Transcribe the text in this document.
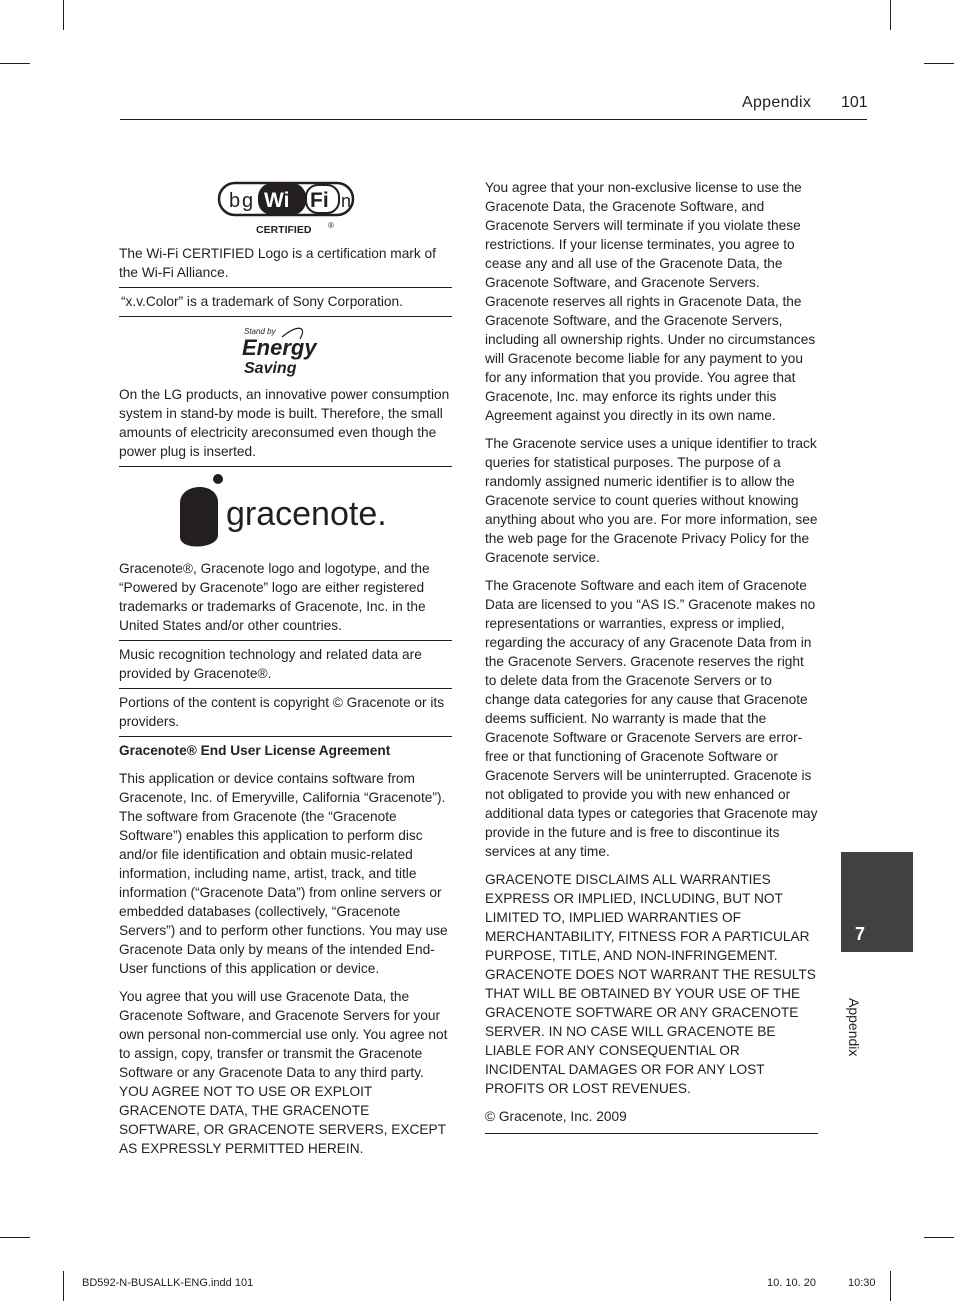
Appendix 101
b g Wi Fi n
CERTIFIED ®

The Wi-Fi CERTIFIED Logo is a certification mark of the Wi-Fi Alliance.

“x.v.Color” is a trademark of Sony Corporation.

Stand by
Energy
Saving

On the LG products, an innovative power consumption system in stand-by mode is built. Therefore, the small amounts of electricity areconsumed even though the power plug is inserted.

gracenote.

Gracenote®, Gracenote logo and logotype, and the “Powered by Gracenote” logo are either registered trademarks or trademarks of Gracenote, Inc. in the United States and/or other countries.

Music recognition technology and related data are provided by Gracenote®.

Portions of the content is copyright © Gracenote or its providers.

Gracenote® End User License Agreement

This application or device contains software from Gracenote, Inc. of Emeryville, California “Gracenote”). The software from Gracenote (the “Gracenote Software”) enables this application to perform disc and/or file identification and obtain music-related information, including name, artist, track, and title information (“Gracenote Data”) from online servers or embedded databases (collectively, “Gracenote Servers”) and to perform other functions. You may use Gracenote Data only by means of the intended End-User functions of this application or device.

You agree that you will use Gracenote Data, the Gracenote Software, and Gracenote Servers for your own personal non-commercial use only. You agree not to assign, copy, transfer or transmit the Gracenote Software or any Gracenote Data to any third party. YOU AGREE NOT TO USE OR EXPLOIT GRACENOTE DATA, THE GRACENOTE SOFTWARE, OR GRACENOTE SERVERS, EXCEPT AS EXPRESSLY PERMITTED HEREIN.

You agree that your non-exclusive license to use the Gracenote Data, the Gracenote Software, and Gracenote Servers will terminate if you violate these restrictions. If your license terminates, you agree to cease any and all use of the Gracenote Data, the Gracenote Software, and Gracenote Servers. Gracenote reserves all rights in Gracenote Data, the Gracenote Software, and the Gracenote Servers, including all ownership rights. Under no circumstances will Gracenote become liable for any payment to you for any information that you provide. You agree that Gracenote, Inc. may enforce its rights under this Agreement against you directly in its own name.

The Gracenote service uses a unique identifier to track queries for statistical purposes. The purpose of a randomly assigned numeric identifier is to allow the Gracenote service to count queries without knowing anything about who you are. For more information, see the web page for the Gracenote Privacy Policy for the Gracenote service.

The Gracenote Software and each item of Gracenote Data are licensed to you “AS IS.” Gracenote makes no representations or warranties, express or implied, regarding the accuracy of any Gracenote Data from in the Gracenote Servers. Gracenote reserves the right to delete data from the Gracenote Servers or to change data categories for any cause that Gracenote deems sufficient. No warranty is made that the Gracenote Software or Gracenote Servers are error-free or that functioning of Gracenote Software or Gracenote Servers will be uninterrupted. Gracenote is not obligated to provide you with new enhanced or additional data types or categories that Gracenote may provide in the future and is free to discontinue its services at any time.

GRACENOTE DISCLAIMS ALL WARRANTIES EXPRESS OR IMPLIED, INCLUDING, BUT NOT LIMITED TO, IMPLIED WARRANTIES OF MERCHANTABILITY, FITNESS FOR A PARTICULAR PURPOSE, TITLE, AND NON-INFRINGEMENT. GRACENOTE DOES NOT WARRANT THE RESULTS THAT WILL BE OBTAINED BY YOUR USE OF THE GRACENOTE SOFTWARE OR ANY GRACENOTE SERVER. IN NO CASE WILL GRACENOTE BE LIABLE FOR ANY CONSEQUENTIAL OR INCIDENTAL DAMAGES OR FOR ANY LOST PROFITS OR LOST REVENUES.

© Gracenote, Inc. 2009

7
Appendix
BD592-N-BUSALLK-ENG.indd 101	10. 10. 20	10:30
